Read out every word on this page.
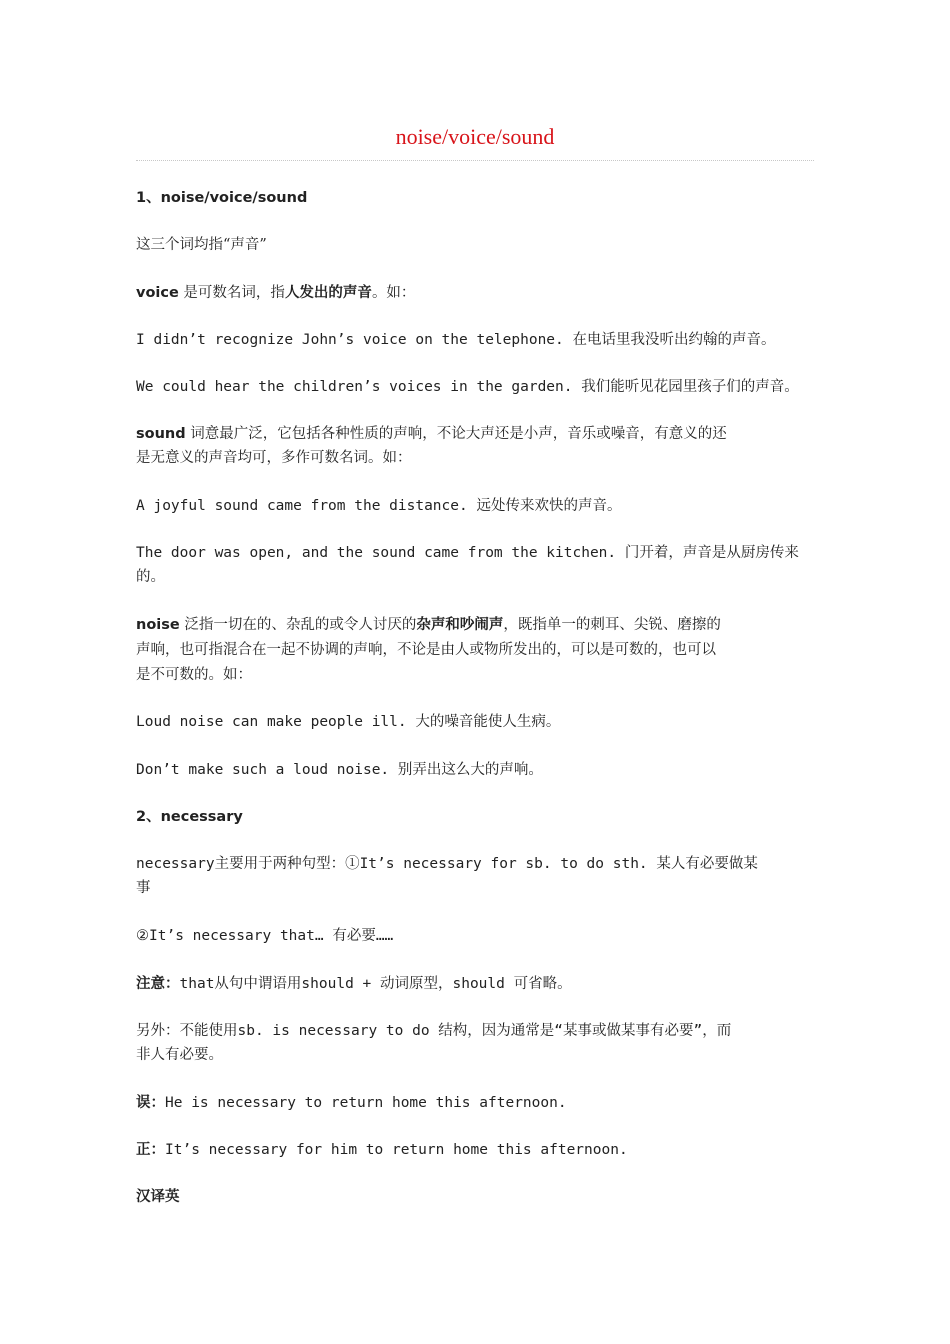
noise/voice/sound
1、noise/voice/sound
这三个词均指“声音”
voice 是可数名词，指人发出的声音。如：
I didn’t recognize John’s voice on the telephone. 在电话里我没听出约翰的声音。
We could hear the children’s voices in the garden. 我们能听见花园里孩子们的声音。
sound 词意最广泛，它包括各种性质的声响，不论大声还是小声，音乐或噪音，有意义的还
是无意义的声音均可，多作可数名词。如：
A joyful sound came from the distance. 远处传来欢快的声音。
The door was open, and the sound came from the kitchen. 门开着，声音是从厨房传来
的。
noise 泛指一切在的、杂乱的或令人讨厌的杂声和吵闹声，既指单一的刺耳、尖锐、磨擦的
声响，也可指混合在一起不协调的声响，不论是由人或物所发出的，可以是可数的，也可以
是不可数的。如：
Loud noise can make people ill. 大的噪音能使人生病。
Don’t make such a loud noise. 别弄出这么大的声响。
2、necessary
necessary主要用于两种句型：①It’s necessary for sb. to do sth. 某人有必要做某
事
②It’s necessary that… 有必要……
注意：that从句中谓语用should + 动词原型，should 可省略。
另外：不能使用sb. is necessary to do 结构，因为通常是“某事或做某事有必要”，而
非人有必要。
误：He is necessary to return home this afternoon.
正：It’s necessary for him to return home this afternoon.
汉译英
